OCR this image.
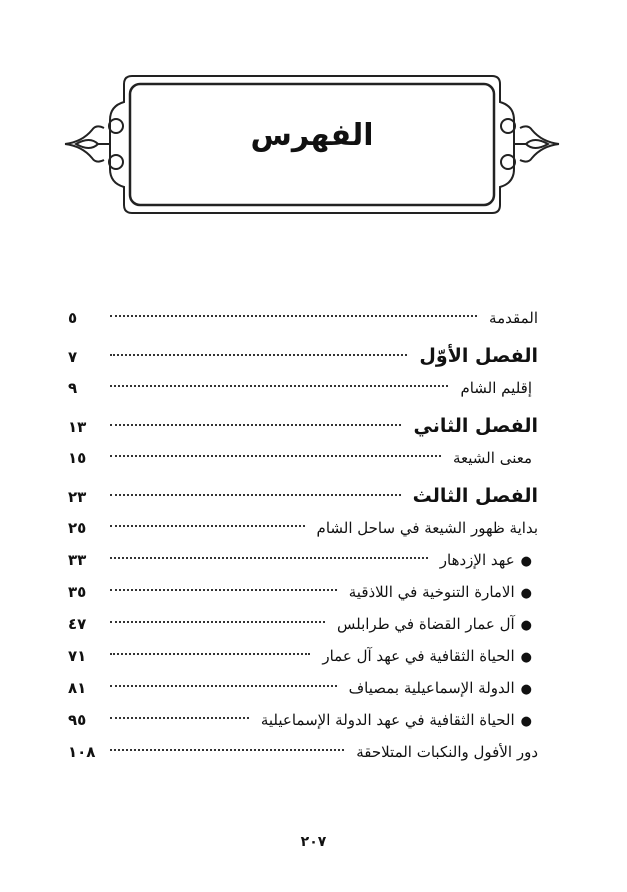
الفهرس
المقدمة
٥
الفصل الأوّل
٧
إقليم الشام
٩
الفصل الثاني
١٣
معنى الشيعة
١٥
الفصل الثالث
٢٣
بداية ظهور الشيعة في ساحل الشام
٢٥
● عهد الإزدهار
٣٣
● الامارة التنوخية في اللاذقية
٣٥
● آل عمار القضاة في طرابلس
٤٧
● الحياة الثقافية في عهد آل عمار
٧١
● الدولة الإسماعيلية بمصياف
٨١
● الحياة الثقافية في عهد الدولة الإسماعيلية
٩٥
دور الأفول والنكبات المتلاحقة
١٠٨
٢٠٧
